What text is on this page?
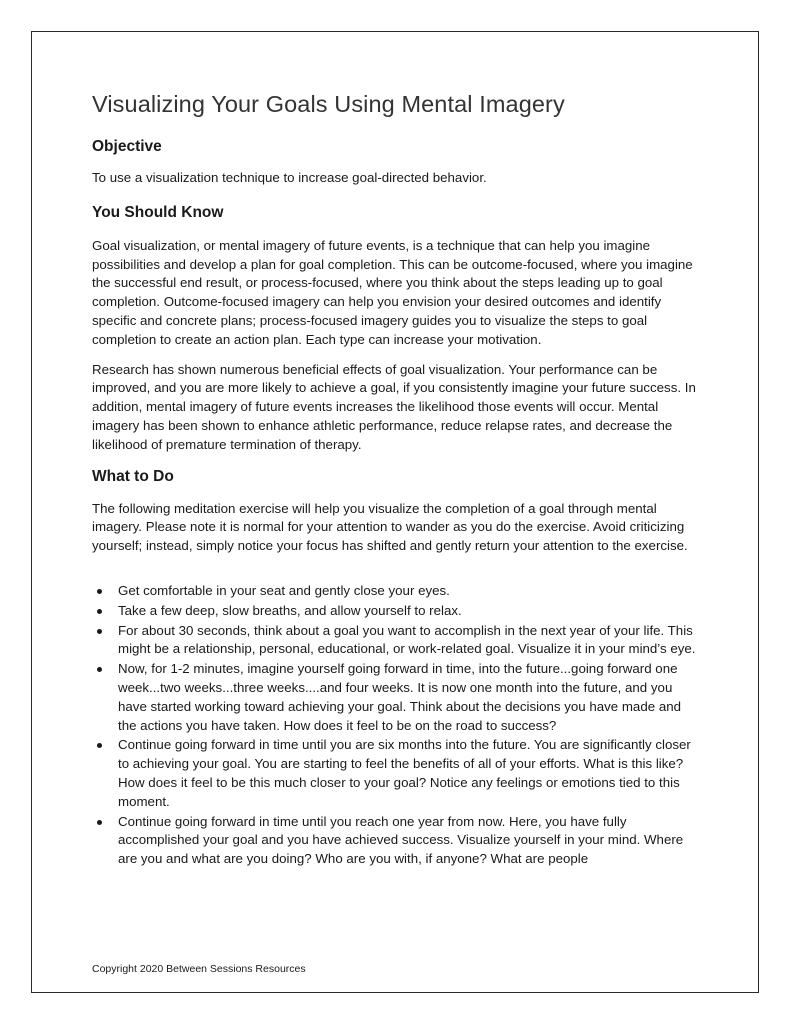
Visualizing Your Goals Using Mental Imagery
Objective

To use a visualization technique to increase goal-directed behavior.

You Should Know

Goal visualization, or mental imagery of future events, is a technique that can help you imagine possibilities and develop a plan for goal completion. This can be outcome-focused, where you imagine the successful end result, or process-focused, where you think about the steps leading up to goal completion. Outcome-focused imagery can help you envision your desired outcomes and identify specific and concrete plans; process-focused imagery guides you to visualize the steps to goal completion to create an action plan. Each type can increase your motivation.

Research has shown numerous beneficial effects of goal visualization. Your performance can be improved, and you are more likely to achieve a goal, if you consistently imagine your future success. In addition, mental imagery of future events increases the likelihood those events will occur. Mental imagery has been shown to enhance athletic performance, reduce relapse rates, and decrease the likelihood of premature termination of therapy.

What to Do

The following meditation exercise will help you visualize the completion of a goal through mental imagery. Please note it is normal for your attention to wander as you do the exercise. Avoid criticizing yourself; instead, simply notice your focus has shifted and gently return your attention to the exercise.

Get comfortable in your seat and gently close your eyes.
Take a few deep, slow breaths, and allow yourself to relax.
For about 30 seconds, think about a goal you want to accomplish in the next year of your life. This might be a relationship, personal, educational, or work-related goal. Visualize it in your mind’s eye.
Now, for 1-2 minutes, imagine yourself going forward in time, into the future...going forward one week...two weeks...three weeks....and four weeks. It is now one month into the future, and you have started working toward achieving your goal. Think about the decisions you have made and the actions you have taken. How does it feel to be on the road to success?
Continue going forward in time until you are six months into the future. You are significantly closer to achieving your goal. You are starting to feel the benefits of all of your efforts. What is this like? How does it feel to be this much closer to your goal? Notice any feelings or emotions tied to this moment.
Continue going forward in time until you reach one year from now. Here, you have fully accomplished your goal and you have achieved success. Visualize yourself in your mind. Where are you and what are you doing? Who are you with, if anyone? What are people

Copyright 2020 Between Sessions Resources
